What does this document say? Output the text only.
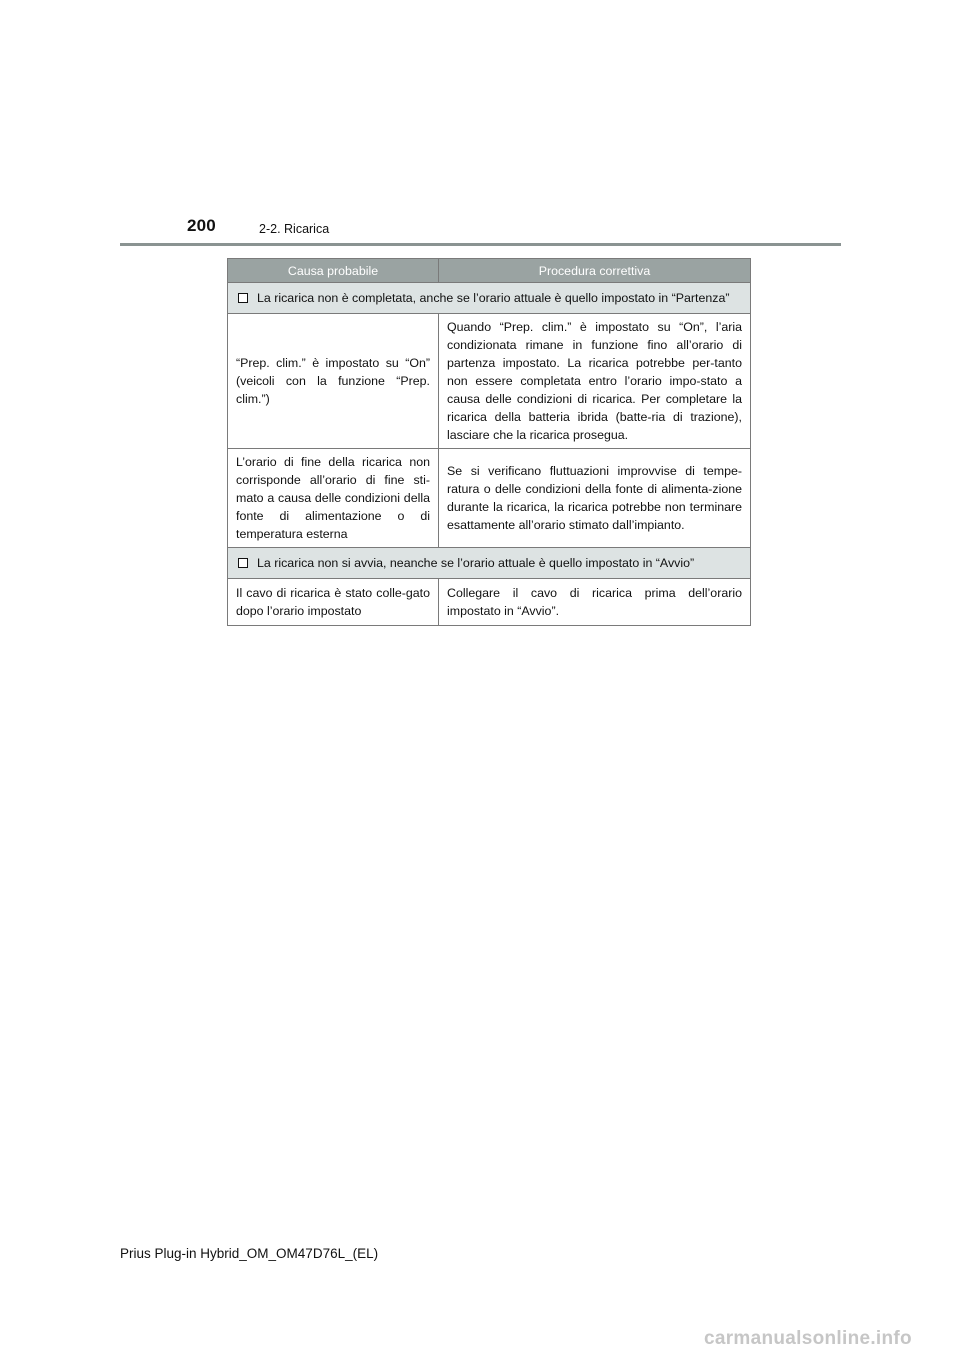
200	2-2. Ricarica
Causa probabile	Procedura correttiva

La ricarica non è completata, anche se l’orario attuale è quello impostato in “Partenza”	

“Prep. clim.” è impostato su “On” (veicoli con la funzione “Prep. clim.”)	Quando “Prep. clim.” è impostato su “On”, l’aria condizionata rimane in funzione fino all’orario di partenza impostato. La ricarica potrebbe per-tanto non essere completata entro l’orario impo-stato a causa delle condizioni di ricarica. Per completare la ricarica della batteria ibrida (batte-ria di trazione), lasciare che la ricarica prosegua.
L’orario di fine della ricarica non corrisponde all’orario di fine sti-mato a causa delle condizioni della fonte di alimentazione o di temperatura esterna	Se si verificano fluttuazioni improvvise di tempe-ratura o delle condizioni della fonte di alimenta-zione durante la ricarica, la ricarica potrebbe non terminare esattamente all’orario stimato dall’impianto.

La ricarica non si avvia, neanche se l’orario attuale è quello impostato in “Avvio”	

Il cavo di ricarica è stato colle-gato dopo l’orario impostato	Collegare il cavo di ricarica prima dell’orario impostato in “Avvio”.
Prius Plug-in Hybrid_OM_OM47D76L_(EL)
carmanualsonline.info
